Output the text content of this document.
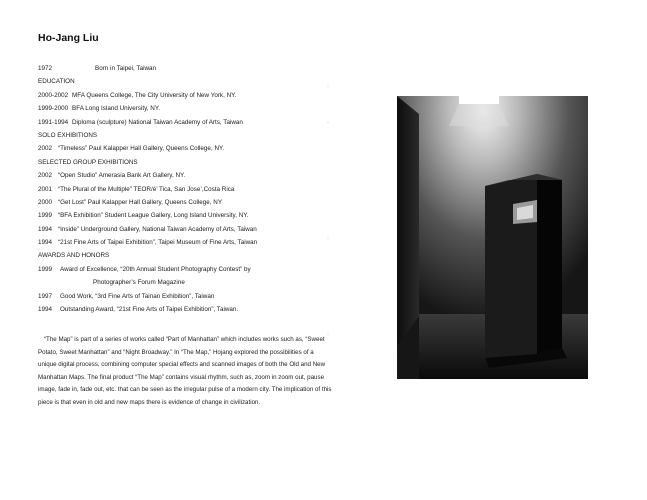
Ho-Jang Liu
1972	Born in Taipei, Taiwan
EDUCATION
2000-2002 MFA Queens College, The City University of New York, NY.
1999-2000 BFA Long Island University, NY.
1991-1994 Diploma (sculpture) National Taiwan Academy of Arts, Taiwan
SOLO EXHIBITIONS
2002 “Timeless” Paul Kalapper Hall Gallery, Queens College, NY.
SELECTED GROUP EXHIBITIONS
2002 “Open Studio” Amerasia Bank Art Gallery, NY.
2001 “The Plural of the Multiple” TEOR/é’ Tica, San Jose’,Costa Rica
2000 “Get Lost” Paul Kalapper Hall Gallery, Queens College, NY
1999 “BFA Exhibition” Student League Gallery, Long Island University, NY.
1994 “Inside” Underground Gallery, National Taiwan Academy of Arts, Taiwan
1994 “21st Fine Arts of Taipei Exhibition”, Taipei Museum of Fine Arts, Taiwan
AWARDS AND HONORS
1999 Award of Excellence, “20th Annual Student Photography Contest” by
Photographer’s Forum Magazine
1997 Good Work, “3rd Fine Arts of Tainan Exhibition”, Taiwan
1994 Outstanding Award, “21st Fine Arts of Taipei Exhibition”, Taiwan.

“The Map” is part of a series of works called “Part of Manhattan” which includes works such as, “Sweet Potato, Sweet Manhattan” and “Night Broadway.” In “The Map,” Hojang explored the possibilities of a unique digital process, combining computer special effects and scanned images of both the Old and New Manhattan Maps. The final product “The Map” contains visual rhythm, such as, zoom in zoom out, pause image, fade in, fade out, etc. that can be seen as the irregular pulse of a modern city. The implication of this piece is that even in old and new maps there is evidence of change in civilization.

·
·
·
·
